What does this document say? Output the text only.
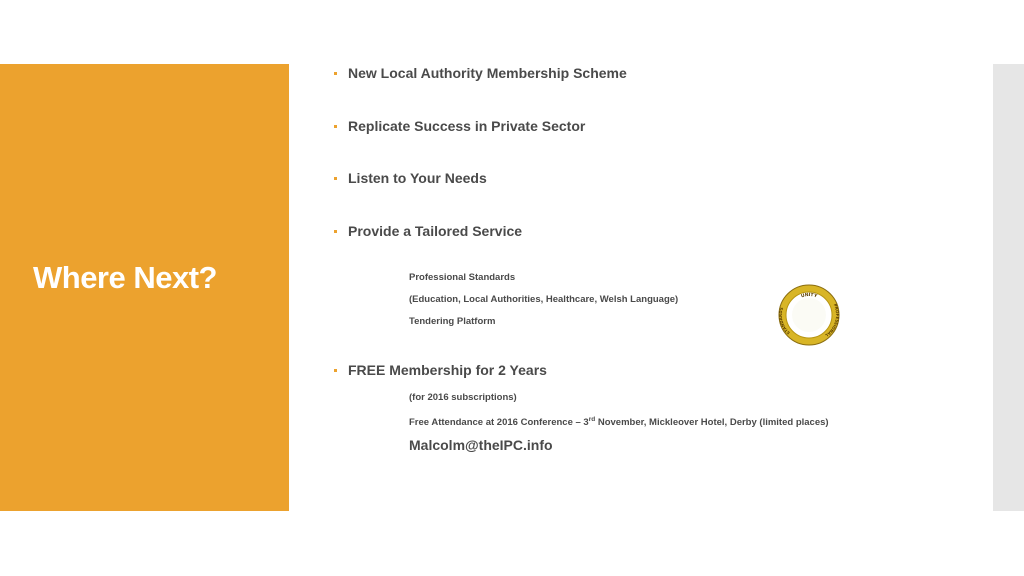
Where Next?
New Local Authority Membership Scheme
Replicate Success in Private Sector
Listen to Your Needs
Provide a Tailored Service
Professional Standards
(Education, Local Authorities, Healthcare, Welsh Language)
Tendering Platform
UNITY
STANDARDS
PROFESSIONAL
FREE Membership for 2 Years
(for 2016 subscriptions)
Free Attendance at 2016 Conference – 3rd November, Mickleover Hotel, Derby (limited places)
Malcolm@theIPC.info
